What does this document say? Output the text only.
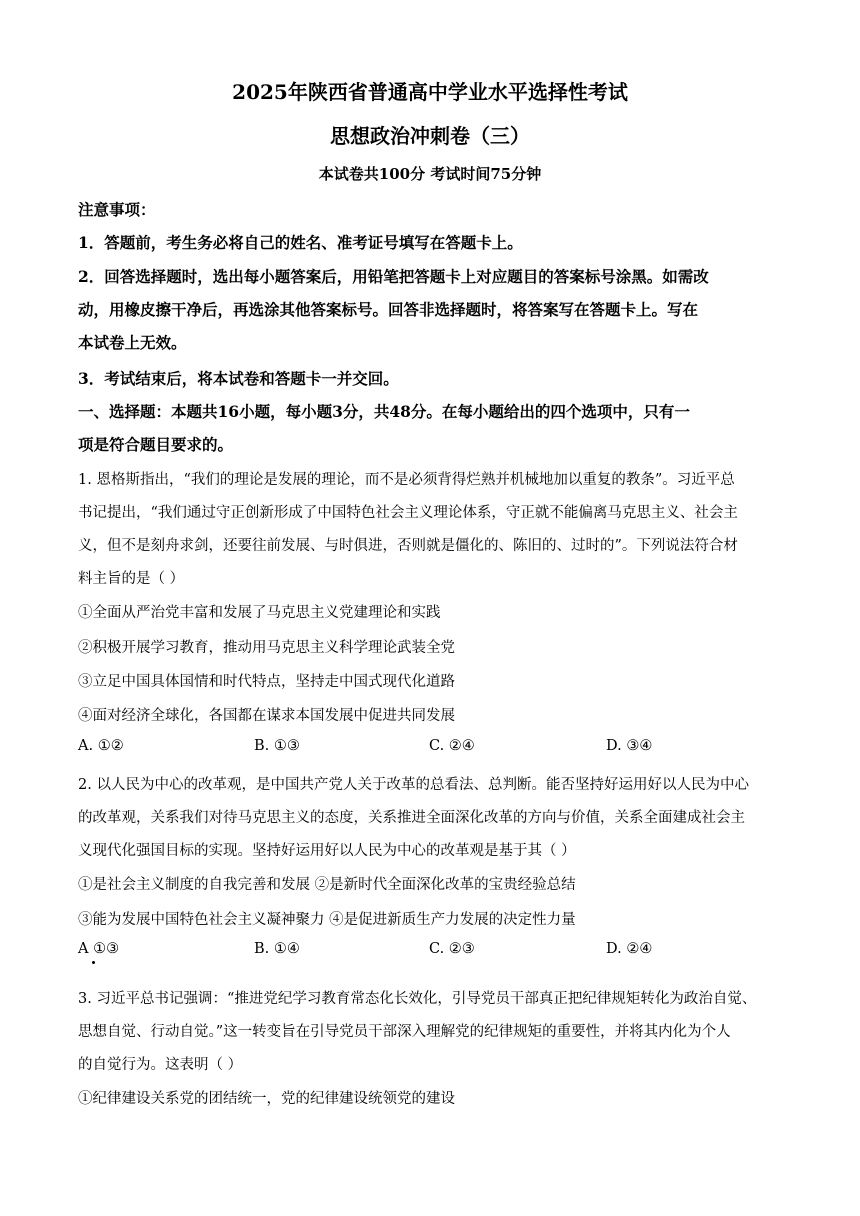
2025年陕西省普通高中学业水平选择性考试
思想政治冲刺卷（三）
本试卷共100分 考试时间75分钟
注意事项：
1．答题前，考生务必将自己的姓名、准考证号填写在答题卡上。
2．回答选择题时，选出每小题答案后，用铅笔把答题卡上对应题目的答案标号涂黑。如需改
动，用橡皮擦干净后，再选涂其他答案标号。回答非选择题时，将答案写在答题卡上。写在
本试卷上无效。
3．考试结束后，将本试卷和答题卡一并交回。
一、选择题：本题共16小题，每小题3分，共48分。在每小题给出的四个选项中，只有一
项是符合题目要求的。
1. 恩格斯指出，“我们的理论是发展的理论，而不是必须背得烂熟并机械地加以重复的教条”。习近平总
书记提出，“我们通过守正创新形成了中国特色社会主义理论体系，守正就不能偏离马克思主义、社会主
义，但不是刻舟求剑，还要往前发展、与时俱进，否则就是僵化的、陈旧的、过时的”。下列说法符合材
料主旨的是（ ）
①全面从严治党丰富和发展了马克思主义党建理论和实践
②积极开展学习教育，推动用马克思主义科学理论武装全党
③立足中国具体国情和时代特点，坚持走中国式现代化道路
④面对经济全球化，各国都在谋求本国发展中促进共同发展
A. ①②	B. ①③	C. ②④	D. ③④
2. 以人民为中心的改革观，是中国共产党人关于改革的总看法、总判断。能否坚持好运用好以人民为中心
的改革观，关系我们对待马克思主义的态度，关系推进全面深化改革的方向与价值，关系全面建成社会主
义现代化强国目标的实现。坚持好运用好以人民为中心的改革观是基于其（ ）
①是社会主义制度的自我完善和发展 ②是新时代全面深化改革的宝贵经验总结
③能为发展中国特色社会主义凝神聚力 ④是促进新质生产力发展的决定性力量
A ①③	B. ①④	C. ②③	D. ②④
3. 习近平总书记强调：“推进党纪学习教育常态化长效化，引导党员干部真正把纪律规矩转化为政治自觉、
思想自觉、行动自觉。”这一转变旨在引导党员干部深入理解党的纪律规矩的重要性，并将其内化为个人
的自觉行为。这表明（ ）
①纪律建设关系党的团结统一，党的纪律建设统领党的建设
